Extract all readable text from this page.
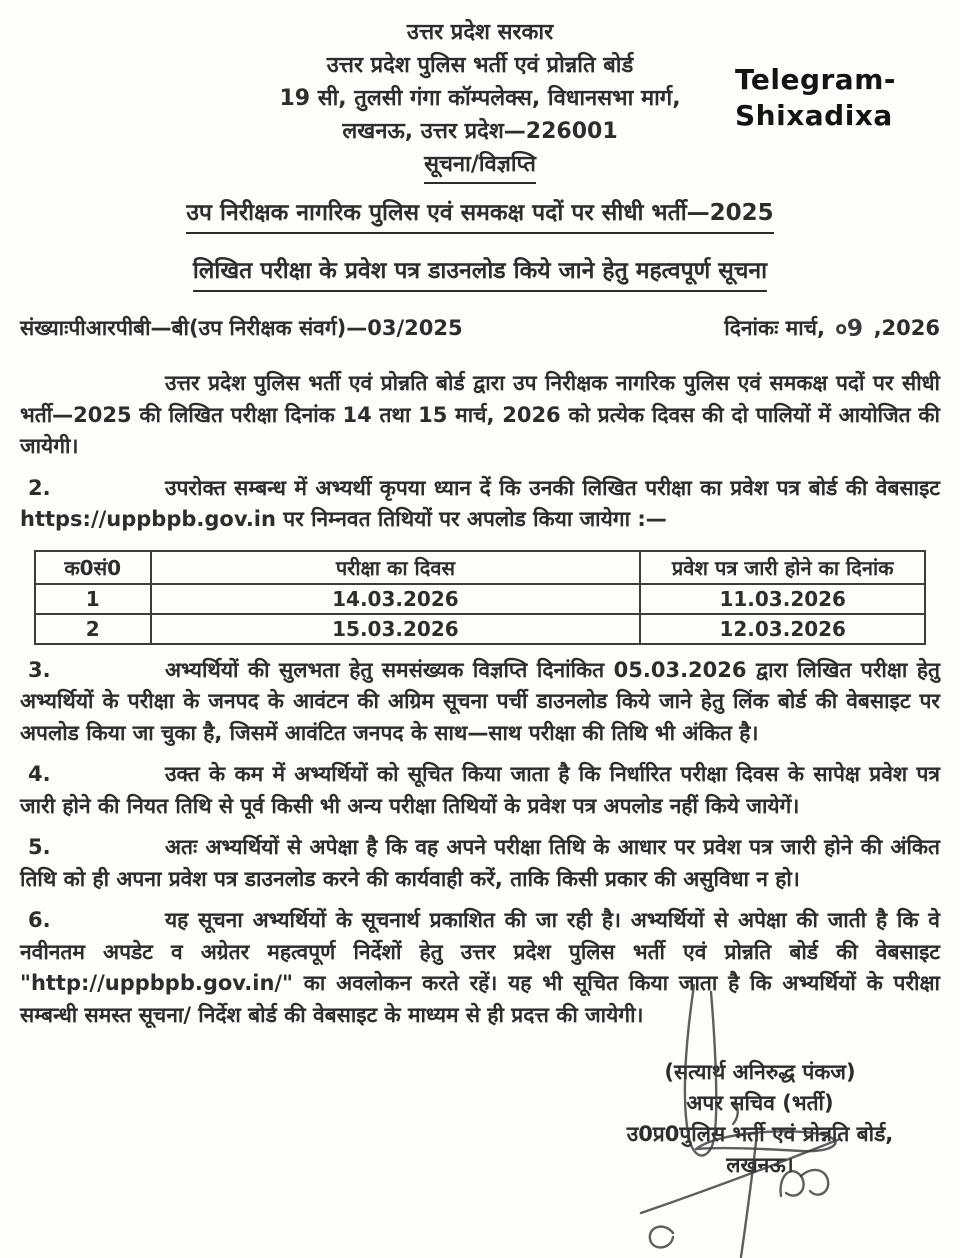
Telegram-
Shixadixa
उत्तर प्रदेश सरकार
उत्तर प्रदेश पुलिस भर्ती एवं प्रोन्नति बोर्ड
19 सी, तुलसी गंगा कॉम्पलेक्स, विधानसभा मार्ग,
लखनऊ, उत्तर प्रदेश—226001
सूचना/विज्ञप्ति
उप निरीक्षक नागरिक पुलिस एवं समकक्ष पदों पर सीधी भर्ती—2025
लिखित परीक्षा के प्रवेश पत्र डाउनलोड किये जाने हेतु महत्वपूर्ण सूचना
संख्याःपीआरपीबी—बी(उप निरीक्षक संवर्ग)—03/2025	दिनांकः मार्च, ०9 ,2026
उत्तर प्रदेश पुलिस भर्ती एवं प्रोन्नति बोर्ड द्वारा उप निरीक्षक नागरिक पुलिस एवं समकक्ष पदों पर सीधी भर्ती—2025 की लिखित परीक्षा दिनांक 14 तथा 15 मार्च, 2026 को प्रत्येक दिवस की दो पालियों में आयोजित की जायेगी।
2.	उपरोक्त सम्बन्ध में अभ्यर्थी कृपया ध्यान दें कि उनकी लिखित परीक्षा का प्रवेश पत्र बोर्ड की वेबसाइट https://uppbpb.gov.in पर निम्नवत तिथियों पर अपलोड किया जायेगा :—
क0सं0	परीक्षा का दिवस	प्रवेश पत्र जारी होने का दिनांक
1	14.03.2026	11.03.2026
2	15.03.2026	12.03.2026
3.	अभ्यर्थियों की सुलभता हेतु समसंख्यक विज्ञप्ति दिनांकित 05.03.2026 द्वारा लिखित परीक्षा हेतु अभ्यर्थियों के परीक्षा के जनपद के आवंटन की अग्रिम सूचना पर्ची डाउनलोड किये जाने हेतु लिंक बोर्ड की वेबसाइट पर अपलोड किया जा चुका है, जिसमें आवंटित जनपद के साथ—साथ परीक्षा की तिथि भी अंकित है।
4.	उक्त के कम में अभ्यर्थियों को सूचित किया जाता है कि निर्धारित परीक्षा दिवस के सापेक्ष प्रवेश पत्र जारी होने की नियत तिथि से पूर्व किसी भी अन्य परीक्षा तिथियों के प्रवेश पत्र अपलोड नहीं किये जायेगें।
5.	अतः अभ्यर्थियों से अपेक्षा है कि वह अपने परीक्षा तिथि के आधार पर प्रवेश पत्र जारी होने की अंकित तिथि को ही अपना प्रवेश पत्र डाउनलोड करने की कार्यवाही करें, ताकि किसी प्रकार की असुविधा न हो।
6.	यह सूचना अभ्यर्थियों के सूचनार्थ प्रकाशित की जा रही है। अभ्यर्थियों से अपेक्षा की जाती है कि वे नवीनतम अपडेट व अग्रेतर महत्वपूर्ण निर्देशों हेतु उत्तर प्रदेश पुलिस भर्ती एवं प्रोन्नति बोर्ड की वेबसाइट "http://uppbpb.gov.in/" का अवलोकन करते रहें। यह भी सूचित किया जाता है कि अभ्यर्थियों के परीक्षा सम्बन्धी समस्त सूचना/ निर्देश बोर्ड की वेबसाइट के माध्यम से ही प्रदत्त की जायेगी।
(सत्यार्थ अनिरुद्ध पंकज)
अपर सचिव (भर्ती)
उ0प्र0पुलिस भर्ती एवं प्रोन्नति बोर्ड,
लखनऊ।
